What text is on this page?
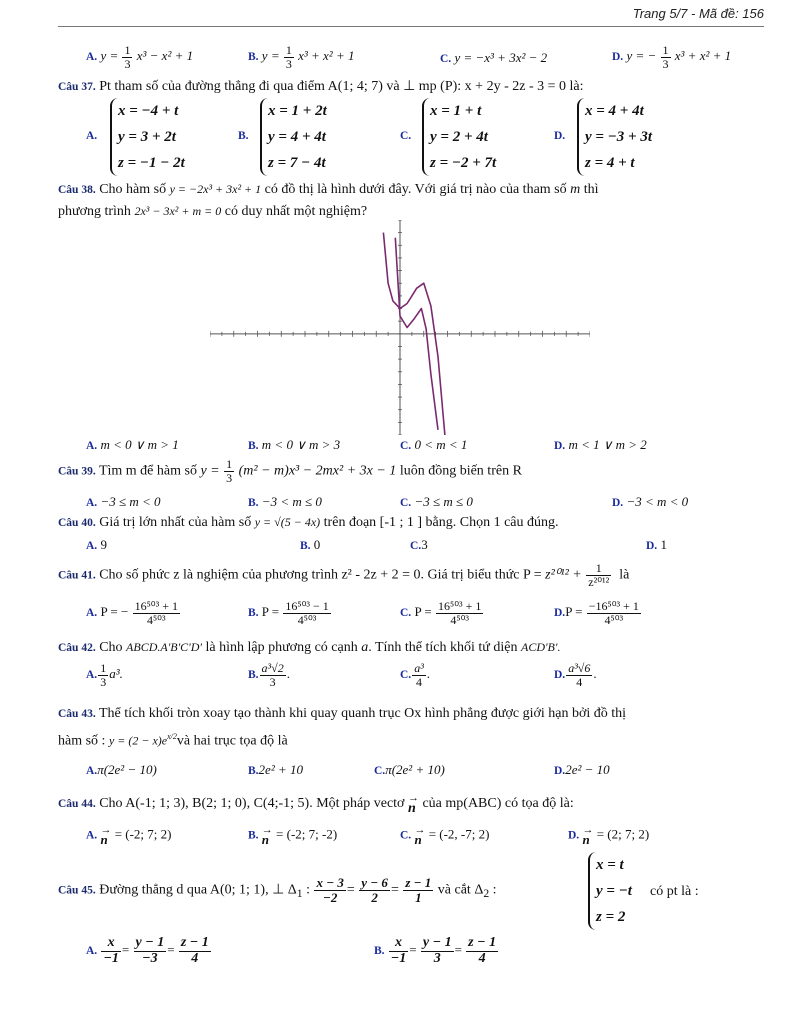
Trang 5/7 - Mã đề: 156
A. $y = \frac{1}{3} x^3 - x^2 + 1$	B. $y = \frac{1}{3} x^3 + x^2 + 1$	C. y = −x³ + 3x² − 2	D. y = − $\frac{1}{3} x^3 + x^2 + 1$
Câu 37. Pt tham số của đường thẳng đi qua điểm A(1; 4; 7) và ⊥ mp (P): x + 2y - 2z - 3 = 0 là:
A.
x = −4 + t
y = 3 + 2t
z = −1 − 2t
B.
x = 1 + 2t
y = 4 + 4t
z = 7 − 4t
C.
x = 1 + t
y = 2 + 4t
z = −2 + 7t
D.
x = 4 + 4t
y = −3 + 3t
z = 4 + t
Câu 38. Cho hàm số y = −2x³ + 3x² + 1 có đồ thị là hình dưới đây. Với giá trị nào của tham số m thì
phương trình 2x³ − 3x² + m = 0 có duy nhất một nghiệm?
A. m < 0 ∨ m > 1	B. m < 0 ∨ m > 3	C. 0 < m < 1	D. m < 1 ∨ m > 2
Câu 39. Tìm m để hàm số $y = \frac{1}{3} (m^2 - m)x^3 - 2mx^2 + 3x - 1$ luôn đồng biến trên R
A. −3 ≤ m < 0	B. −3 < m ≤ 0	C. −3 ≤ m ≤ 0	D. −3 < m < 0
Câu 40. Giá trị lớn nhất của hàm số y = √(5 − 4x) trên đoạn [-1 ; 1 ] bằng. Chọn 1 câu đúng.
A. 9	B. 0	C.3	D. 1
Câu 41. Cho số phức z là nghiệm của phương trình z² - 2z + 2 = 0. Giá trị biểu thức $P = z^{2012} + \frac{1}{\text{z²⁰¹²}}$ là
A. P = − $\frac{\text{16⁵⁰³ + 1}}{\text{4⁵⁰³}}$	B. $P = \frac{\text{16⁵⁰³ − 1}}{\text{4⁵⁰³}}$	C. $P = \frac{\text{16⁵⁰³ + 1}}{\text{4⁵⁰³}}$	$D.P = \frac{\text{−16⁵⁰³ + 1}}{\text{4⁵⁰³}}$
Câu 42. Cho ABCD.A'B'C'D' là hình lập phương có cạnh a. Tính thể tích khối tứ diện ACD'B'.
A. $\frac{1}{3} a^3$.	B. $\frac{\text{a³√2}}{3}$ .	C. $\frac{\text{a³}}{4}$ .	D. $\frac{\text{a³√6}}{4}$ .
Câu 43. Thể tích khối tròn xoay tạo thành khi quay quanh trục Ox hình phẳng được giới hạn bởi đồ thị
hàm số : $y = (2 - x)e^{x/2}và$ hai trục tọa độ là
A.π(2e² − 10)	B.2e² + 10	C.π(2e² + 10)	D.2e² − 10
Câu 44. Cho A(-1; 1; 3), B(2; 1; 0), C(4;-1; 5). Một pháp vectơ →
n của mp(ABC) có tọa độ là:
A. →
n = (-2; 7; 2)	B. →
n = (-2; 7; -2)	C. →
n = (-2, -7; 2)	D. →
n = (2; 7; 2)
Câu 45. Đường thẳng d qua A(0; 1; 1), ⊥ $\Delta_1$ : $\frac{x - 3}{-2} = \frac{y - 6}{2} = \frac{z - 1}{1}$ và cắt $\Delta_2$ :
x = t
y = −t
z = 2
có pt là :
A. $\frac{x}{-1} = \frac{y - 1}{-3} = \frac{z - 1}{4}$	B. $\frac{x}{-1} = \frac{y - 1}{3} = \frac{z - 1}{4}$
